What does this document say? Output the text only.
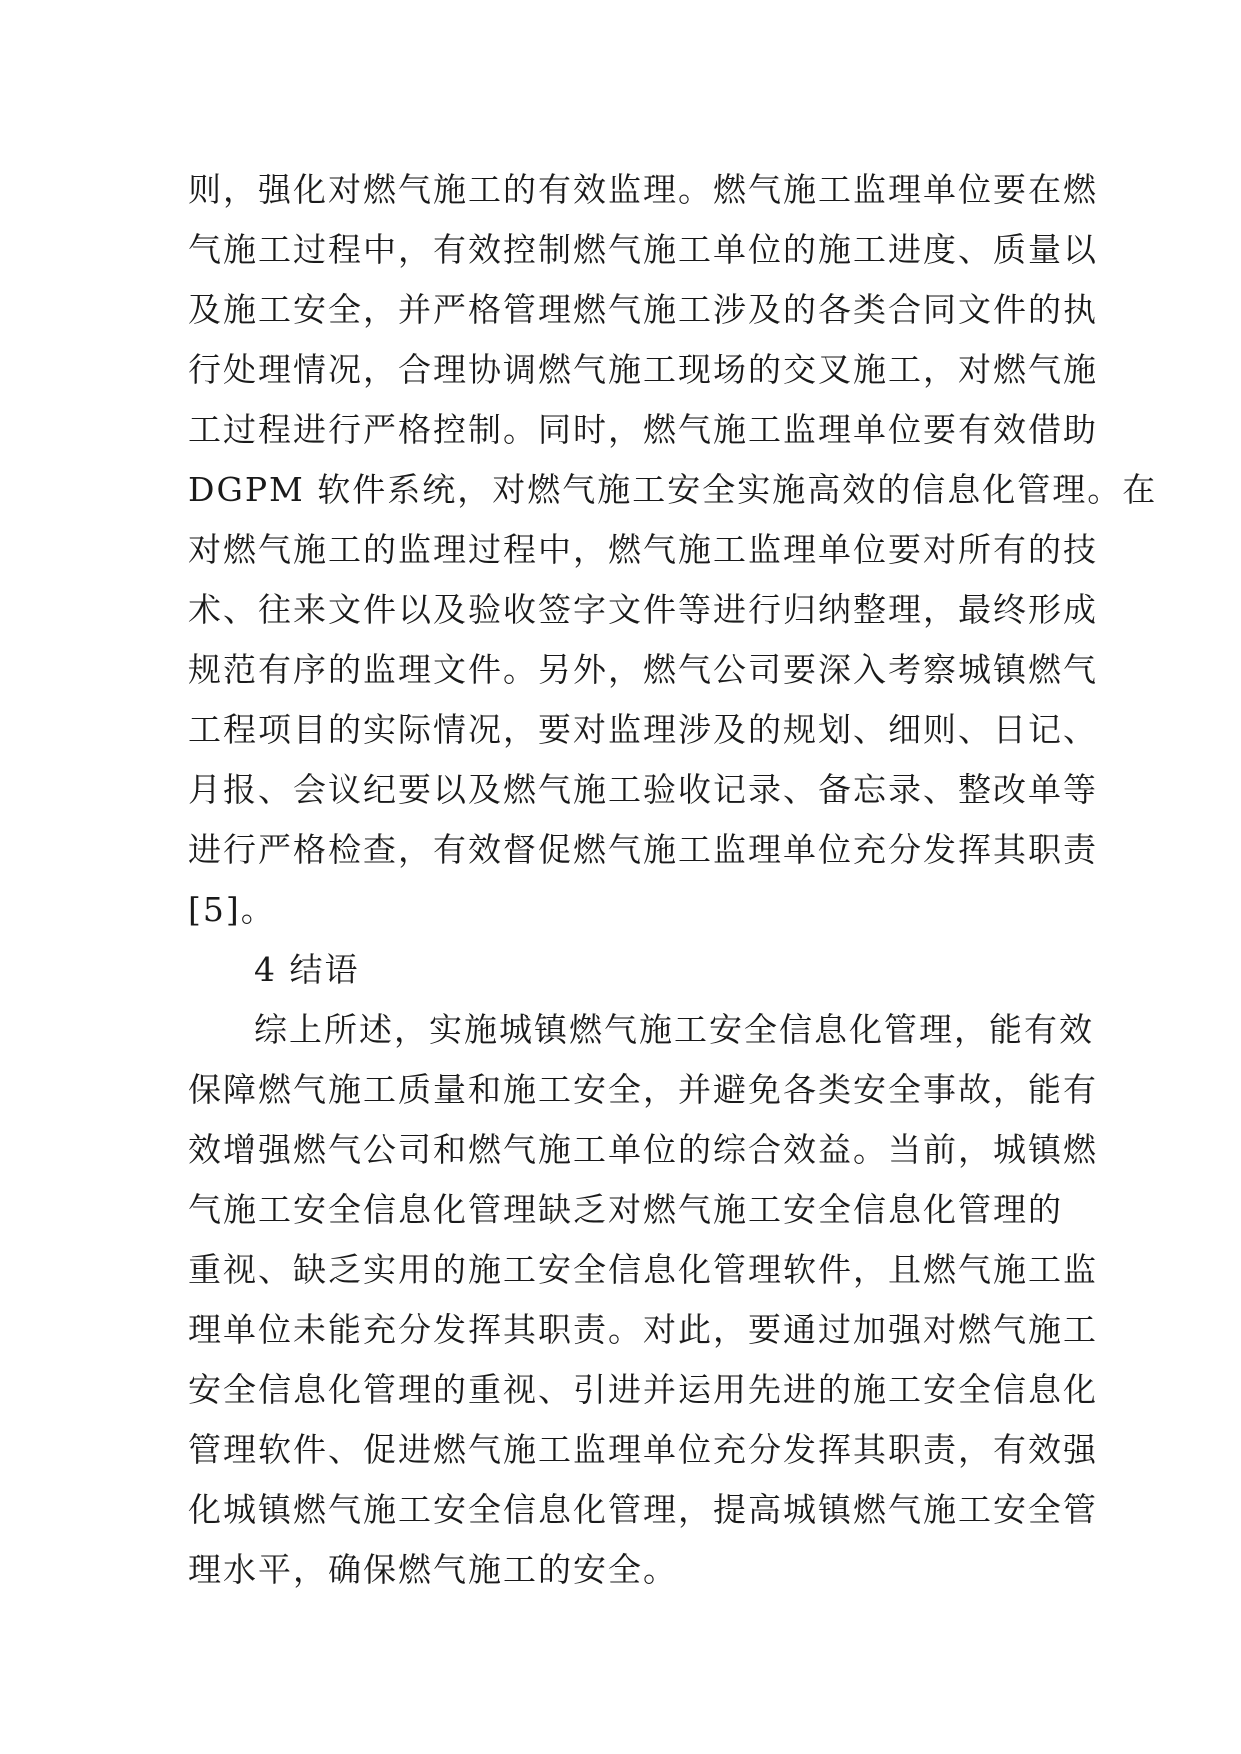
则，强化对燃气施工的有效监理。燃气施工监理单位要在燃
气施工过程中，有效控制燃气施工单位的施工进度、质量以
及施工安全，并严格管理燃气施工涉及的各类合同文件的执
行处理情况，合理协调燃气施工现场的交叉施工，对燃气施
工过程进行严格控制。同时，燃气施工监理单位要有效借助
DGPM 软件系统，对燃气施工安全实施高效的信息化管理。在
对燃气施工的监理过程中，燃气施工监理单位要对所有的技
术、往来文件以及验收签字文件等进行归纳整理，最终形成
规范有序的监理文件。另外，燃气公司要深入考察城镇燃气
工程项目的实际情况，要对监理涉及的规划、细则、日记、
月报、会议纪要以及燃气施工验收记录、备忘录、整改单等
进行严格检查，有效督促燃气施工监理单位充分发挥其职责
[5]。
4 结语
综上所述，实施城镇燃气施工安全信息化管理，能有效
保障燃气施工质量和施工安全，并避免各类安全事故，能有
效增强燃气公司和燃气施工单位的综合效益。当前，城镇燃
气施工安全信息化管理缺乏对燃气施工安全信息化管理的
重视、缺乏实用的施工安全信息化管理软件，且燃气施工监
理单位未能充分发挥其职责。对此，要通过加强对燃气施工
安全信息化管理的重视、引进并运用先进的施工安全信息化
管理软件、促进燃气施工监理单位充分发挥其职责，有效强
化城镇燃气施工安全信息化管理，提高城镇燃气施工安全管
理水平，确保燃气施工的安全。
